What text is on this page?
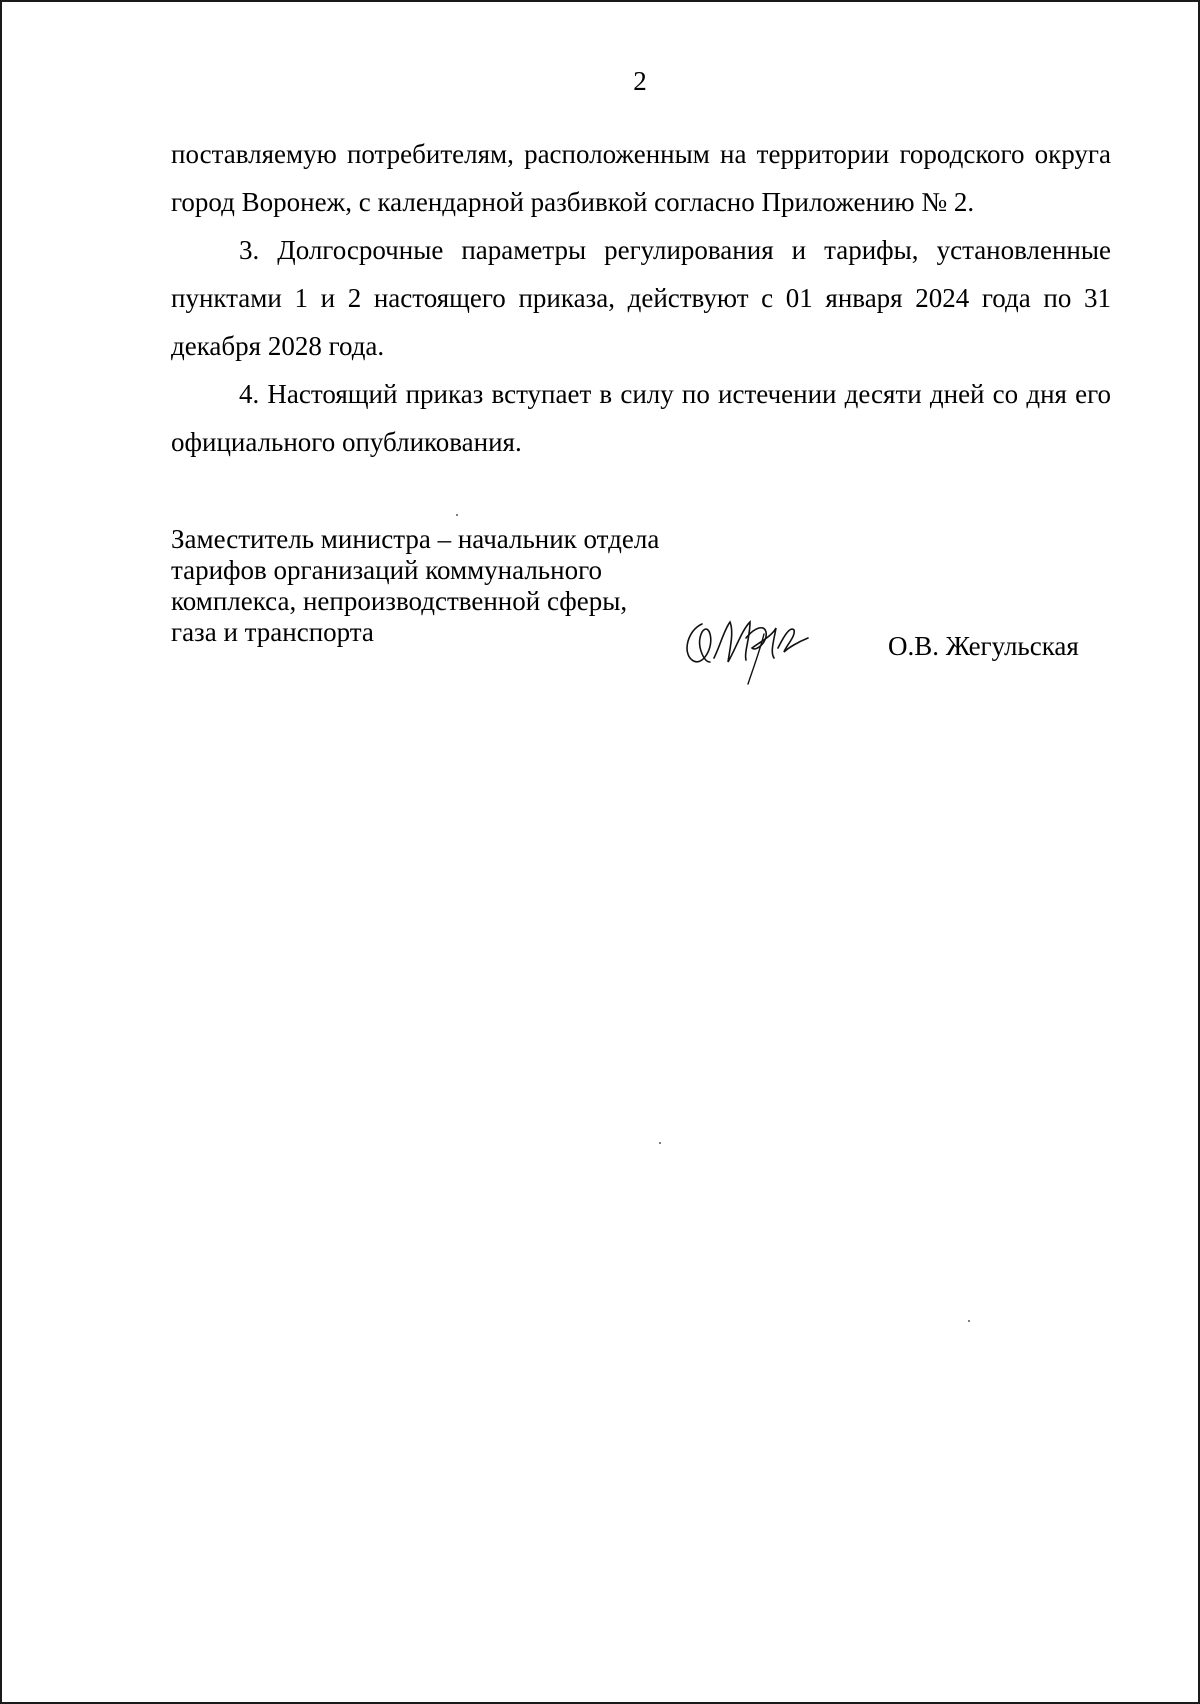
2

поставляемую потребителям, расположенным на территории городского округа город Воронеж, с календарной разбивкой согласно Приложению № 2.

3. Долгосрочные параметры регулирования и тарифы, установленные пунктами 1 и 2 настоящего приказа, действуют с 01 января 2024 года по 31 декабря 2028 года.

4. Настоящий приказ вступает в силу по истечении десяти дней со дня его официального опубликования.

Заместитель министра – начальник отдела
тарифов организаций коммунального
комплекса, непроизводственной сферы,
газа и транспорта	О.В. Жегульская
